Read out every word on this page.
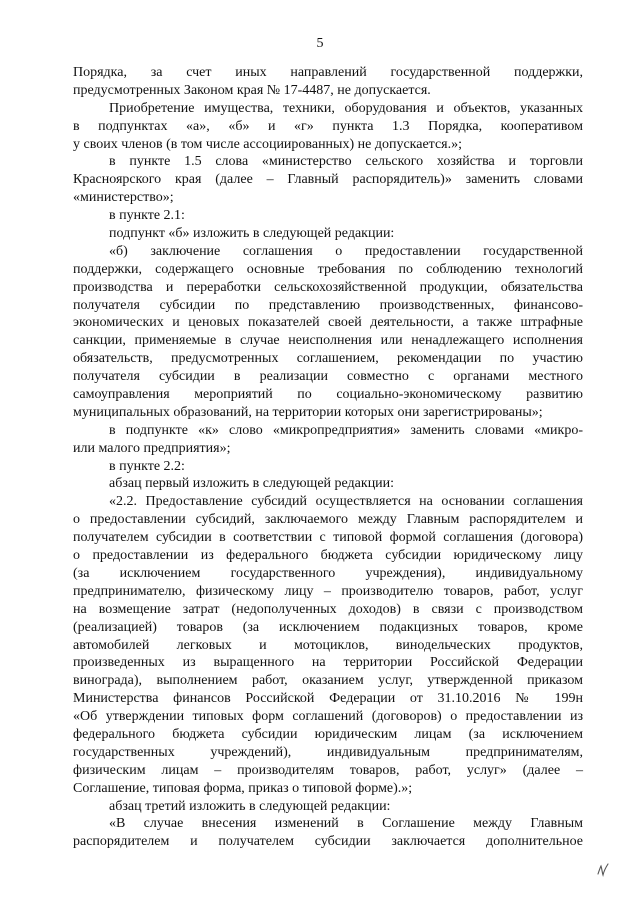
5
Порядка, за счет иных направлений государственной поддержки,
предусмотренных Законом края № 17-4487, не допускается.
Приобретение имущества, техники, оборудования и объектов, указанных
в подпунктах «а», «б» и «г» пункта 1.3 Порядка, кооперативом
у своих членов (в том числе ассоциированных) не допускается.»;
в пункте 1.5 слова «министерство сельского хозяйства и торговли
Красноярского края (далее – Главный распорядитель)» заменить словами
«министерство»;
в пункте 2.1:
подпункт «б» изложить в следующей редакции:
«б) заключение соглашения о предоставлении государственной
поддержки, содержащего основные требования по соблюдению технологий
производства и переработки сельскохозяйственной продукции, обязательства
получателя субсидии по представлению производственных, финансово-
экономических и ценовых показателей своей деятельности, а также штрафные
санкции, применяемые в случае неисполнения или ненадлежащего исполнения
обязательств, предусмотренных соглашением, рекомендации по участию
получателя субсидии в реализации совместно с органами местного
самоуправления мероприятий по социально-экономическому развитию
муниципальных образований, на территории которых они зарегистрированы»;
в подпункте «к» слово «микропредприятия» заменить словами «микро-
или малого предприятия»;
в пункте 2.2:
абзац первый изложить в следующей редакции:
«2.2. Предоставление субсидий осуществляется на основании соглашения
о предоставлении субсидий, заключаемого между Главным распорядителем и
получателем субсидии в соответствии с типовой формой соглашения (договора)
о предоставлении из федерального бюджета субсидии юридическому лицу
(за исключением государственного учреждения), индивидуальному
предпринимателю, физическому лицу – производителю товаров, работ, услуг
на возмещение затрат (недополученных доходов) в связи с производством
(реализацией) товаров (за исключением подакцизных товаров, кроме
автомобилей легковых и мотоциклов, винодельческих продуктов,
произведенных из выращенного на территории Российской Федерации
винограда), выполнением работ, оказанием услуг, утвержденной приказом
Министерства финансов Российской Федерации от 31.10.2016 № 199н
«Об утверждении типовых форм соглашений (договоров) о предоставлении из
федерального бюджета субсидии юридическим лицам (за исключением
государственных учреждений), индивидуальным предпринимателям,
физическим лицам – производителям товаров, работ, услуг» (далее –
Соглашение, типовая форма, приказ о типовой форме).»;
абзац третий изложить в следующей редакции:
«В случае внесения изменений в Соглашение между Главным
распорядителем и получателем субсидии заключается дополнительное
